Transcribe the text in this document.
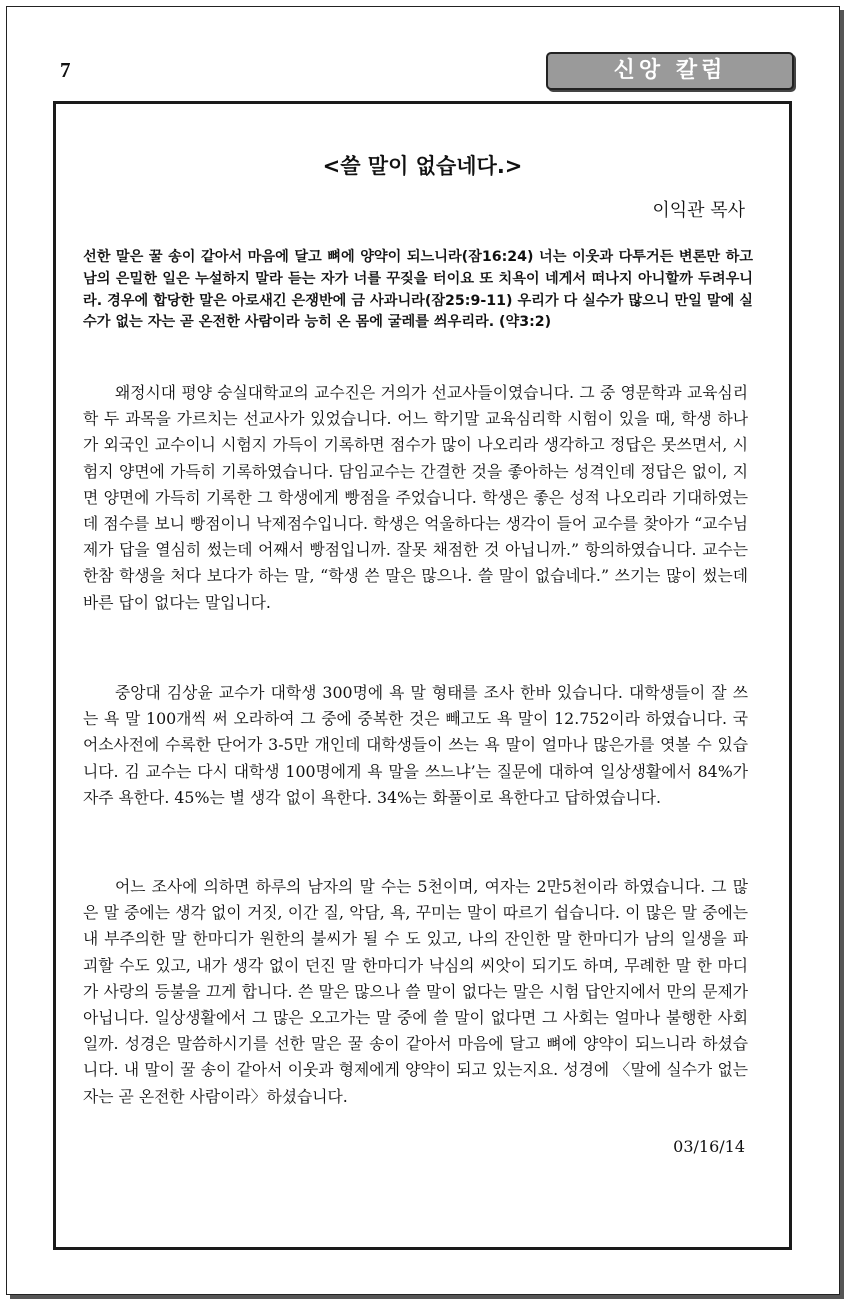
7	신앙 칼럼
<쓸 말이 없습네다.>
이익관 목사
선한 말은 꿀 송이 같아서 마음에 달고 뼈에 양약이 되느니라(잠16:24) 너는 이웃과 다투거든 변론만 하고 남의 은밀한 일은 누설하지 말라 듣는 자가 너를 꾸짖을 터이요 또 치욕이 네게서 떠나지 아니할까 두려우니라. 경우에 합당한 말은 아로새긴 은쟁반에 금 사과니라(잠25:9-11) 우리가 다 실수가 많으니 만일 말에 실수가 없는 자는 곧 온전한 사람이라 능히 온 몸에 굴레를 씌우리라. (약3:2)

왜정시대 평양 숭실대학교의 교수진은 거의가 선교사들이였습니다. 그 중 영문학과 교육심리학 두 과목을 가르치는 선교사가 있었습니다. 어느 학기말 교육심리학 시험이 있을 때, 학생 하나가 외국인 교수이니 시험지 가득이 기록하면 점수가 많이 나오리라 생각하고 정답은 못쓰면서, 시험지 양면에 가득히 기록하였습니다. 담임교수는 간결한 것을 좋아하는 성격인데 정답은 없이, 지면 양면에 가득히 기록한 그 학생에게 빵점을 주었습니다. 학생은 좋은 성적 나오리라 기대하였는데 점수를 보니 빵점이니 낙제점수입니다. 학생은 억울하다는 생각이 들어 교수를 찾아가 “교수님 제가 답을 열심히 썼는데 어째서 빵점입니까. 잘못 채점한 것 아닙니까.” 항의하였습니다. 교수는 한참 학생을 처다 보다가 하는 말, “학생 쓴 말은 많으나. 쓸 말이 없습네다.” 쓰기는 많이 썼는데 바른 답이 없다는 말입니다.

중앙대 김상윤 교수가 대학생 300명에 욕 말 형태를 조사 한바 있습니다. 대학생들이 잘 쓰는 욕 말 100개씩 써 오라하여 그 중에 중복한 것은 빼고도 욕 말이 12.752이라 하였습니다. 국어소사전에 수록한 단어가 3-5만 개인데 대학생들이 쓰는 욕 말이 얼마나 많은가를 엿볼 수 있습니다. 김 교수는 다시 대학생 100명에게 욕 말을 쓰느냐’는 질문에 대하여 일상생활에서 84%가 자주 욕한다. 45%는 별 생각 없이 욕한다. 34%는 화풀이로 욕한다고 답하였습니다.

어느 조사에 의하면 하루의 남자의 말 수는 5천이며, 여자는 2만5천이라 하였습니다. 그 많은 말 중에는 생각 없이 거짓, 이간 질, 악담, 욕, 꾸미는 말이 따르기 쉽습니다. 이 많은 말 중에는 내 부주의한 말 한마디가 원한의 불씨가 될 수 도 있고, 나의 잔인한 말 한마디가 남의 일생을 파괴할 수도 있고, 내가 생각 없이 던진 말 한마디가 낙심의 씨앗이 되기도 하며, 무례한 말 한 마디가 사랑의 등불을 끄게 합니다. 쓴 말은 많으나 쓸 말이 없다는 말은 시험 답안지에서 만의 문제가 아닙니다. 일상생활에서 그 많은 오고가는 말 중에 쓸 말이 없다면 그 사회는 얼마나 불행한 사회일까. 성경은 말씀하시기를 선한 말은 꿀 송이 같아서 마음에 달고 뼈에 양약이 되느니라 하셨습니다. 내 말이 꿀 송이 같아서 이웃과 형제에게 양약이 되고 있는지요. 성경에 〈말에 실수가 없는 자는 곧 온전한 사람이라〉하셨습니다.

03/16/14
